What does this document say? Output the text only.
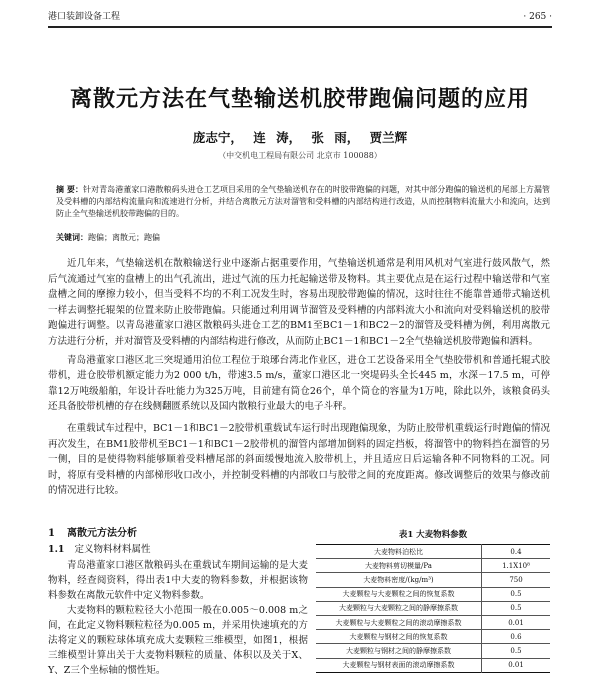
港口装卸设备工程	· 265 ·
离散元方法在气垫输送机胶带跑偏问题的应用
庞志宁， 连 涛， 张 雨， 贾兰辉
（中交机电工程局有限公司 北京市 100088）
摘 要：针对青岛港董家口港散粮码头进仓工艺项目采用的全气垫输送机存在的时胶带跑偏的问题，对其中部分跑偏的输送机的尾部上方漏管及受料槽的内部结构流量向和流速进行分析，并结合离散元方法对溜管和受料槽的内部结构进行改造，从而控制物料流量大小和流向，达到防止全气垫输送机胶带跑偏的目的。
关键词：跑偏；离散元；跑偏

近几年来，气垫输送机在散粮输送行业中逐渐占据重要作用，气垫输送机通常是利用风机对气室进行鼓风散气，然后气流通过气室的盘槽上的出气孔流出，进过气流的压力托起输送带及物料。其主要优点是在运行过程中输送带和气室盘槽之间的摩擦力较小，但当受料不均的不利工况发生时，容易出现胶带跑偏的情况，这时往往不能靠普通带式输送机一样去调整托辊架的位置来防止胶带跑偏。只能通过利用调节溜管及受料槽的内部料流大小和流向对受料输送机的胶带跑偏进行调整。以青岛港董家口港区散粮码头进仓工艺的BM1至BC1－1和BC2－2的溜管及受料槽为例，利用离散元方法进行分析，并对溜管及受料槽的内部结构进行修改，从而防止BC1－1和BC1－2全气垫输送机胶带跑偏和洒料。

青岛港董家口港区北三突堤通用泊位工程位于琅琊台湾北作业区，进仓工艺设备采用全气垫胶带机和普通托辊式胶带机，进仓胶带机额定能力为2 000 t/h，带速3.5 m/s，董家口港区北一突堤码头全长445 m，水深－17.5 m，可停靠12万吨级船舶，年设计吞吐能力为325万吨，目前建有筒仓26个，单个筒仓的容量为1万吨，除此以外，该粮食码头还具备胶带机槽的存在线侧翻匮系统以及国内散粮行业最大的电子斗秤。

在重载试车过程中，BC1－1和BC1－2胶带机重载试车运行时出现跑偏现象，为防止胶带机重载运行时跑偏的情况再次发生，在BM1胶带机至BC1－1和BC1－2胶带机的溜管内部增加倒料的固定挡板，将溜管中的物料挡在溜管的另一侧，目的是使得物料能够顺着受料槽尾部的斜面缓慢地流入胶带机上，并且适应日后运输各种不同物料的工况。同时，将原有受料槽的内部梯形收口改小，并控制受料槽的内部收口与胶带之间的充度距离。修改调整后的效果与修改前的情况进行比较。

1 离散元方法分析
1.1 定义物料材料属性

青岛港董家口港区散粮码头在重载试车期间运输的是大麦物料，经查阅资料，得出表1中大麦的物料参数，并根据该物料参数在离散元软件中定义物料参数。

大麦物料的颗粒粒径大小范围一般在0.005～0.008 m之间，在此定义物料颗粒粒径为0.005 m，并采用快速填充的方法将定义的颗粒球体填充成大麦颗粒三维模型，如图1，根据三维模型计算出关于大麦物料颗粒的质量、体积以及关于X、Y、Z三个坐标轴的惯性矩。

表1 大麦物料参数
大麦物料泊松比	0.4
大麦物料剪切模量/Pa	1.1X10⁸
大麦物料密度/(kg/m³)	750
大麦颗粒与大麦颗粒之间的恢复系数	0.5
大麦颗粒与大麦颗粒之间的静摩擦系数	0.5
大麦颗粒与大麦颗粒之间的滚动摩擦系数	0.01
大麦颗粒与钢材之间的恢复系数	0.6
大麦颗粒与钢材之间的静摩擦系数	0.5
大麦颗粒与钢材表面的滚动摩擦系数	0.01
